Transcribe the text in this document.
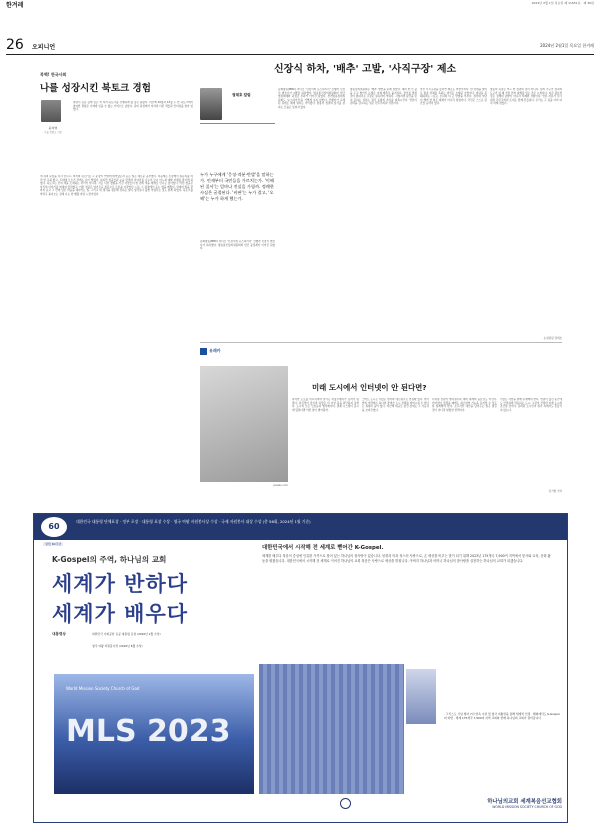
한겨레	2024년 2월 1일 목요일 제 11651호 · 제 36판
26 오피니언	2024년 2월1일 목요일 한겨레
북핵! 한국사회
나를 성장시킨 북토크 경험
윤지영
서울 정원고 거문
살면서 감동 깊게 읽은 책 저자 북토크를 진행하게 될 줄은 몰랐다. 지난해 10월과 12월 두 번 북토크에서 참여한 경험은 나에게 잊을 수 없는 기억으로 남았다. 준비 과정에서 저자의 다른 책들과 인터뷰를 찾아 읽었다.
책 속의 문장을 다시 만나고, 저자의 목소리로 그 문장이 어떻게 태어났는지 듣는 일은 새로운 공부였다. 처음에는 긴장해서 질문지를 여러 번 고쳐 썼고, 무대에 오르기 전에는 손이 떨렸다. 하지만 청중들과 눈을 맞추며 이야기를 나누다 보니 어느새 대화 자체를 즐기게 되었다. 북토크는 단지 책을 소개하는 자리가 아니라, 서로 다른 경험을 가진 사람들이 한 권의 책을 매개로 만나는 장이었다. 어떤 청중은 자신의 이야기를 꺼내며 울먹였고, 어떤 청중은 날카로운 질문으로 토론을 이끌었다. 나는 그 과정에서 듣는 법을 배웠다. 상대의 말을 끝까지 듣고 그 안에 담긴 마음을 헤아리는 일, 그리고 내 생각을 정돈해 전하는 일이 생각보다 훨씬 어렵다는 것도 알게 되었다. 북토크를 마치고 돌아오는 길에 나는 한 뼘쯤 자란 느낌이었다.
신장식 하차, '배추' 고발, '사직구장' 제소
권태호 칼럼
누가 누구에게 '응징·격분·반발'을 말하는가. 언제부터 국민들을 가르치는가. '이해된 질서'는 얼마나 진실을 가릴까. 정례한 사실은 굴절된다. '비판'는 누가 결고, '오해'는 누가 하게 했는가.
문화방송(MBC) 라디오 '신장식의 뉴스하이킥' 진행자 신장식 변호사가 하차했다. 방송통신심의위원회의 잇단 중징계가 이어진 뒤였다.
문화방송(MBC) 라디오 '신장식의 뉴스하이킥' 진행자 신장식 변호사가 1월말 하차했다. 방송통신심의위원회의 잇단 법정제재와 과징금 부과가 이어진 뒤였다. 선거방송심의위원회도 '뉴스하이킥'을 가볍게 보지 않았다. 진행자가 교체된 뒤에도 제재 절차는 이어졌다. 방송이 정권의 심기를 살피는 모습은 낯설지 않다.
방송심의위원회는 '배추' 발언을 문제 삼았다. 대파 한 단 값을 두고 벌어진 논쟁은 이제 배추로 옮겨갔다. 물가를 말한 것이 편파라는 주장은 설득력이 약하다. 시청자의 판단을 믿지 못하는 심의는 결국 표현의 자유를 위축시킨다. 언론이 권력을 감시하는 일은 민주주의의 기본이다.
부산 사직구장을 둘러싼 제소도 마찬가지다. 한 장면을 빌미로 방송 전체를 옥죄는 방식은 오래된 수법이다. 비판을 봉쇄하려는 시도는 오히려 더 큰 반발을 부른다. 정부와 여당이 해야 할 일은 제재가 아니라 설명이다. 국민은 스스로 판단할 능력이 있다.
방송의 독립은 어느 한 정권의 것이 아니다. 심의 기구가 정치의 도구가 될 때 가장 먼저 피해를 입는 것은 시청자다. 지금 필요한 것은 징계의 남발이 아니라 자제와 성찰이다. 언론 자유가 무너지면 민주주의의 토대도 함께 흔들린다. 우리는 그 길을 이미 여러 차례 겪었다.
논설위원 권태호
유레카
pexels.com
미래 도시에서 인터넷이 안 된다면?
복작한 도로를 미끄러지며 달리는 자율주행차가 갑자기 멈춘다. 통신망이 끊기자 차량은 더 이상 길을 판단하지 못한다. 도시의 모든 신호등과 엘리베이터, 결제 시스템이 동시에 멈춘다면 어떤 일이 벌어질까.
스마트 도시는 수많은 센서와 네트워크로 연결돼 있다. 편리함의 이면에는 하나의 장애가 도시 전체를 마비시킬 수 있다는 위험이 숨어 있다. 지난해 대규모 통신 장애는 그 가능성을 보여주었다.
디지털 전환이 빨라질수록 예비 체계의 중요성도 커진다. 인터넷이 끊겼을 때에도 최소한의 기능을 유지할 수 있도록 설계해야 한다. 오프라인 대안을 남겨두는 일은 낡은 것이 아니라 현명한 선택이다.
기술은 사람을 위해 존재해야 한다. 연결이 끊긴 순간에도 안전하게 작동하는 도시, 그것이 진정한 미래 도시의 조건일 것이다. 준비된 도시만이 위기 속에서도 흔들리지 않는다.
김기범 기자
60
대한민국 대통령 단체표창 · 정부 포장 · 대통령 표창 수상 · 영국 여왕 자원봉사상 수상 · 국제 자원봉사 대상 수상 (총 56회, 2024년 1월 기준)
설립 60주년
K-Gospel의 주역, 하나님의 교회
세계가 반하다
세계가 배우다
대통령상	대한민국 사회공헌 유공 대통령 표창 (2016년 2월 수상)
영국 여왕 자원봉사상 (2016년 6월 수상)
World Mission Society Church of God
MLS 2023
대한민국에서 시작해 전 세계로 뻗어간 K-Gospel.
세계를 배우다 복음의 중심에 인류를 가족으로 품어 있는 하나님의 참사랑이 있습니다. 성경과 의과 성스러 사랑으로, 온 세상을 비추는 빛이 되기 위해 2023년 175개국 7,900여 지역에서 봉사와 교육, 문화 활동을 펼쳤습니다. 대한민국에서 시작해 전 세계로 이어진 하나님의 교회 복음은 사랑으로 세상을 밝힙니다. 아버지 하나님과 어머니 하나님의 참사랑을 실천하는 하나님의 교회가 되겠습니다.
· 그리스도 기념 행사 7년 연속 수상 및 영국 여왕상을 통해 세계적 인정 · 해외에서도 K-Gospel의 바람 · 세계 175개국 7,900여 지역 교회와 함께 하나님의 교회가 걸어갑니다
하나님의교회 세계복음선교협회
WORLD MISSION SOCIETY CHURCH OF GOD
